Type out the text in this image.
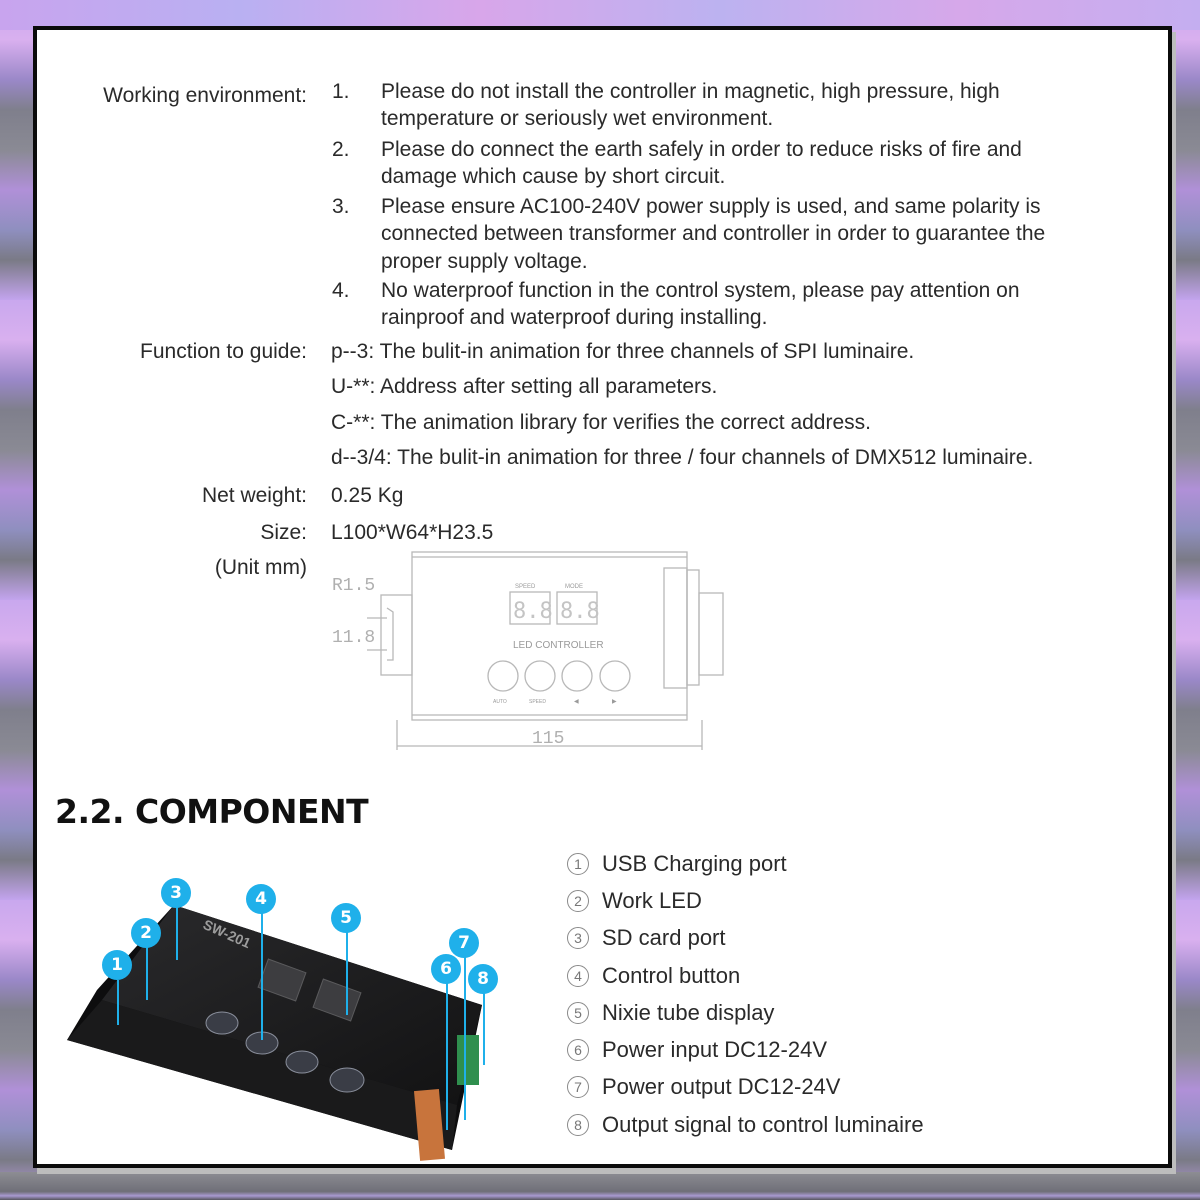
Working environment: 1. Please do not install the controller in magnetic, high pressure, high
temperature or seriously wet environment.
2. Please do connect the earth safely in order to reduce risks of fire and
damage which cause by short circuit.
3. Please ensure AC100-240V power supply is used, and same polarity is
connected between transformer and controller in order to guarantee the
proper supply voltage.
4. No waterproof function in the control system, please pay attention on
rainproof and waterproof during installing.
Function to guide: p--3: The bulit-in animation for three channels of SPI luminaire.
U-**: Address after setting all parameters.
C-**: The animation library for verifies the correct address.
d--3/4: The bulit-in animation for three / four channels of DMX512 luminaire.
Net weight: 0.25 Kg
Size: L100*W64*H23.5
(Unit mm)
R1.5
11.8
115
SPEED	MODE
LED CONTROLLER
AUTO	SPEED	◀	▶
8.8 8.8
2.2. COMPONENT
SW-201
1
2
3	4
5
6
7
8
1 USB Charging port
2 Work LED
3 SD card port
4 Control button
5 Nixie tube display
6 Power input DC12-24V
7 Power output DC12-24V
8 Output signal to control luminaire
